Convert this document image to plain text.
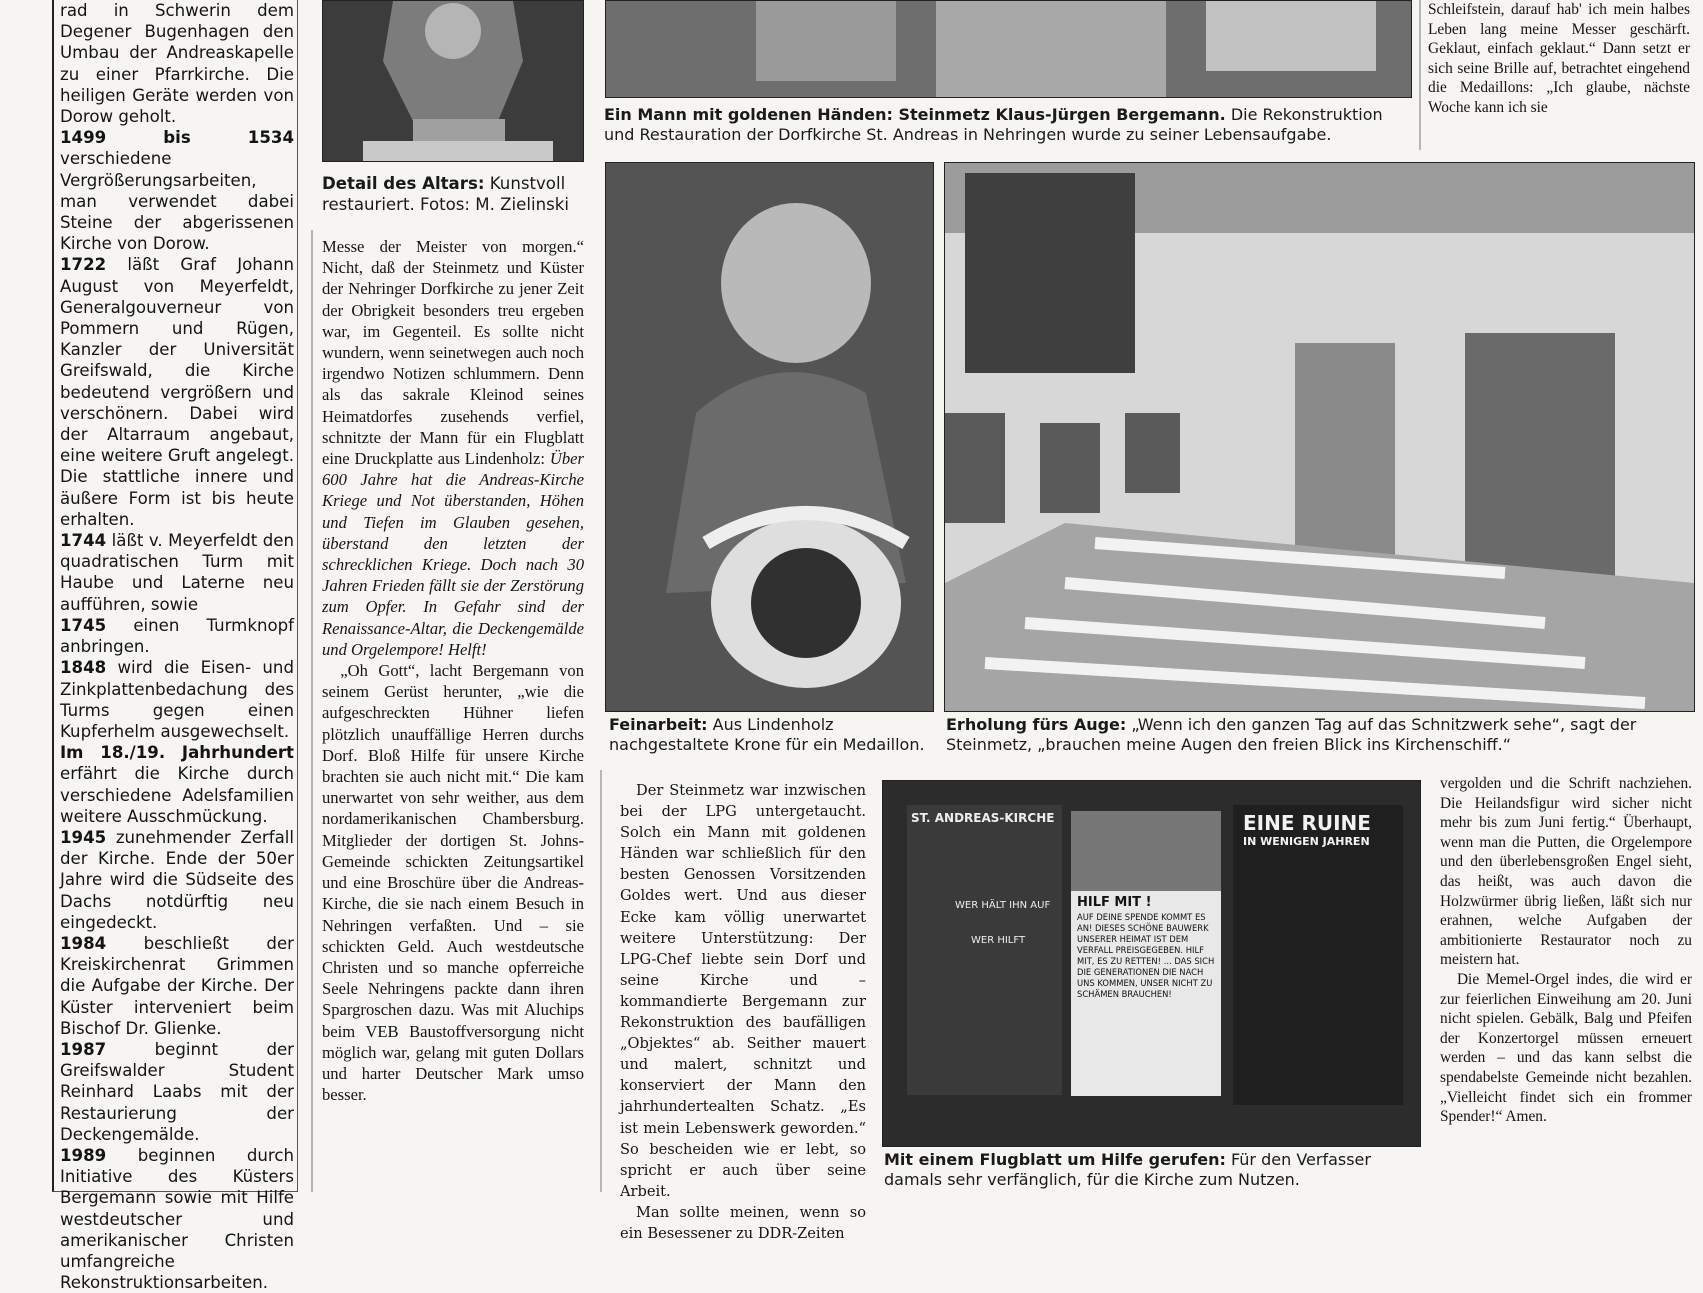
rad in Schwerin dem Degener Bugenhagen den Umbau der Andreaskapelle zu einer Pfarrkirche. Die heiligen Geräte werden von Dorow geholt.

1499 bis 1534 verschiedene Vergrößerungsarbeiten, man verwendet dabei Steine der abgerissenen Kirche von Dorow.

1722 läßt Graf Johann August von Meyerfeldt, Generalgouverneur von Pommern und Rügen, Kanzler der Universität Greifswald, die Kirche bedeutend vergrößern und verschönern. Dabei wird der Altarraum angebaut, eine weitere Gruft angelegt. Die stattliche innere und äußere Form ist bis heute erhalten.

1744 läßt v. Meyerfeldt den quadratischen Turm mit Haube und Laterne neu aufführen, sowie

1745 einen Turmknopf anbringen.

1848 wird die Eisen- und Zinkplattenbedachung des Turms gegen einen Kupferhelm ausgewechselt.

Im 18./19. Jahrhundert erfährt die Kirche durch verschiedene Adelsfamilien weitere Ausschmückung.

1945 zunehmender Zerfall der Kirche. Ende der 50er Jahre wird die Südseite des Dachs notdürftig neu eingedeckt.

1984 beschließt der Kreiskirchenrat Grimmen die Aufgabe der Kirche. Der Küster interveniert beim Bischof Dr. Glienke.

1987	beginnt der Greifswalder Student Reinhard Laabs mit der Restaurierung der Deckengemälde.

1989 beginnen durch Initiative des Küsters Bergemann sowie mit Hilfe westdeutscher und amerikanischer Christen umfangreiche Rekonstruktionsarbeiten.

Detail des Altars: Kunstvoll restauriert. Fotos: M. Zielinski
Ein Mann mit goldenen Händen: Steinmetz Klaus-Jürgen Bergemann. Die Rekonstruktion und Restauration der Dorfkirche St. Andreas in Nehringen wurde zu seiner Lebensaufgabe.

Schleifstein, darauf hab' ich mein halbes Leben lang meine Messer geschärft. Geklaut, einfach geklaut.“ Dann setzt er sich seine Brille auf, betrachtet eingehend die Medaillons: „Ich glaube, nächste Woche kann ich sie

Feinarbeit: Aus Lindenholz nachgestaltete Krone für ein Medaillon.
Erholung fürs Auge: „Wenn ich den ganzen Tag auf das Schnitzwerk sehe“, sagt der Steinmetz, „brauchen meine Augen den freien Blick ins Kirchenschiff.“

Messe der Meister von morgen.“ Nicht, daß der Steinmetz und Küster der Nehringer Dorfkirche zu jener Zeit der Obrigkeit besonders treu ergeben war, im Gegenteil. Es sollte nicht wundern, wenn seinetwegen auch noch irgendwo Notizen schlummern. Denn als das sakrale Kleinod seines Heimatdorfes zusehends verfiel, schnitzte der Mann für ein Flugblatt eine Druckplatte aus Lindenholz: Über 600 Jahre hat die Andreas-Kirche Kriege und Not überstanden, Höhen und Tiefen im Glauben gesehen, überstand den letzten der schrecklichen Kriege. Doch nach 30 Jahren Frieden fällt sie der Zerstörung zum Opfer. In Gefahr sind der Renaissance-Altar, die Deckengemälde und Orgelempore! Helft!

„Oh Gott“, lacht Bergemann von seinem Gerüst herunter, „wie die aufgeschreckten Hühner liefen plötzlich unauffällige Herren durchs Dorf. Bloß Hilfe für unsere Kirche brachten sie auch nicht mit.“ Die kam unerwartet von sehr weither, aus dem nordamerikanischen Chambersburg. Mitglieder der dortigen St. Johns-Gemeinde schickten Zeitungsartikel und eine Broschüre über die Andreas-Kirche, die sie nach einem Besuch in Nehringen verfaßten. Und – sie schickten Geld. Auch westdeutsche Christen und so manche opferreiche Seele Nehringens packte dann ihren Spargroschen dazu. Was mit Aluchips beim VEB Baustoffversorgung nicht möglich war, gelang mit guten Dollars und harter Deutscher Mark umso besser.

Der Steinmetz war inzwischen bei der LPG untergetaucht. Solch ein Mann mit goldenen Händen war schließlich für den besten Genossen Vorsitzenden Goldes wert. Und aus dieser Ecke kam völlig unerwartet weitere Unterstützung: Der LPG-Chef liebte sein Dorf und seine Kirche und – kommandierte Bergemann zur Rekonstruktion des baufälligen „Objektes“ ab. Seither mauert und malert, schnitzt und konserviert der Mann den jahrhundertealten Schatz. „Es ist mein Lebenswerk geworden.“ So bescheiden wie er lebt, so spricht er auch über seine Arbeit.

Man sollte meinen, wenn so ein Besessener zu DDR-Zeiten

ST. ANDREAS-KIRCHE
WER HÄLT IHN AUF
WER HILFT
HILF MIT !
AUF DEINE SPENDE KOMMT ES AN! DIESES SCHÖNE BAUWERK UNSERER HEIMAT IST DEM VERFALL PREISGEGEBEN. HILF MIT, ES ZU RETTEN! ... DAS SICH DIE GENERATIONEN DIE NACH UNS KOMMEN, UNSER NICHT ZU SCHÄMEN BRAUCHEN!
EINE RUINE
IN WENIGEN JAHREN
Mit einem Flugblatt um Hilfe gerufen: Für den Verfasser damals sehr verfänglich, für die Kirche zum Nutzen.

vergolden und die Schrift nachziehen. Die Heilandsfigur wird sicher nicht mehr bis zum Juni fertig.“ Überhaupt, wenn man die Putten, die Orgelempore und den überlebensgroßen Engel sieht, das heißt, was auch davon die Holzwürmer übrig ließen, läßt sich nur erahnen, welche Aufgaben der ambitionierte Restaurator noch zu meistern hat.

Die Memel-Orgel indes, die wird er zur feierlichen Einweihung am 20. Juni nicht spielen. Gebälk, Balg und Pfeifen der Konzertorgel müssen erneuert werden – und das kann selbst die spendabelste Gemeinde nicht bezahlen. „Vielleicht findet sich ein frommer Spender!“ Amen.
